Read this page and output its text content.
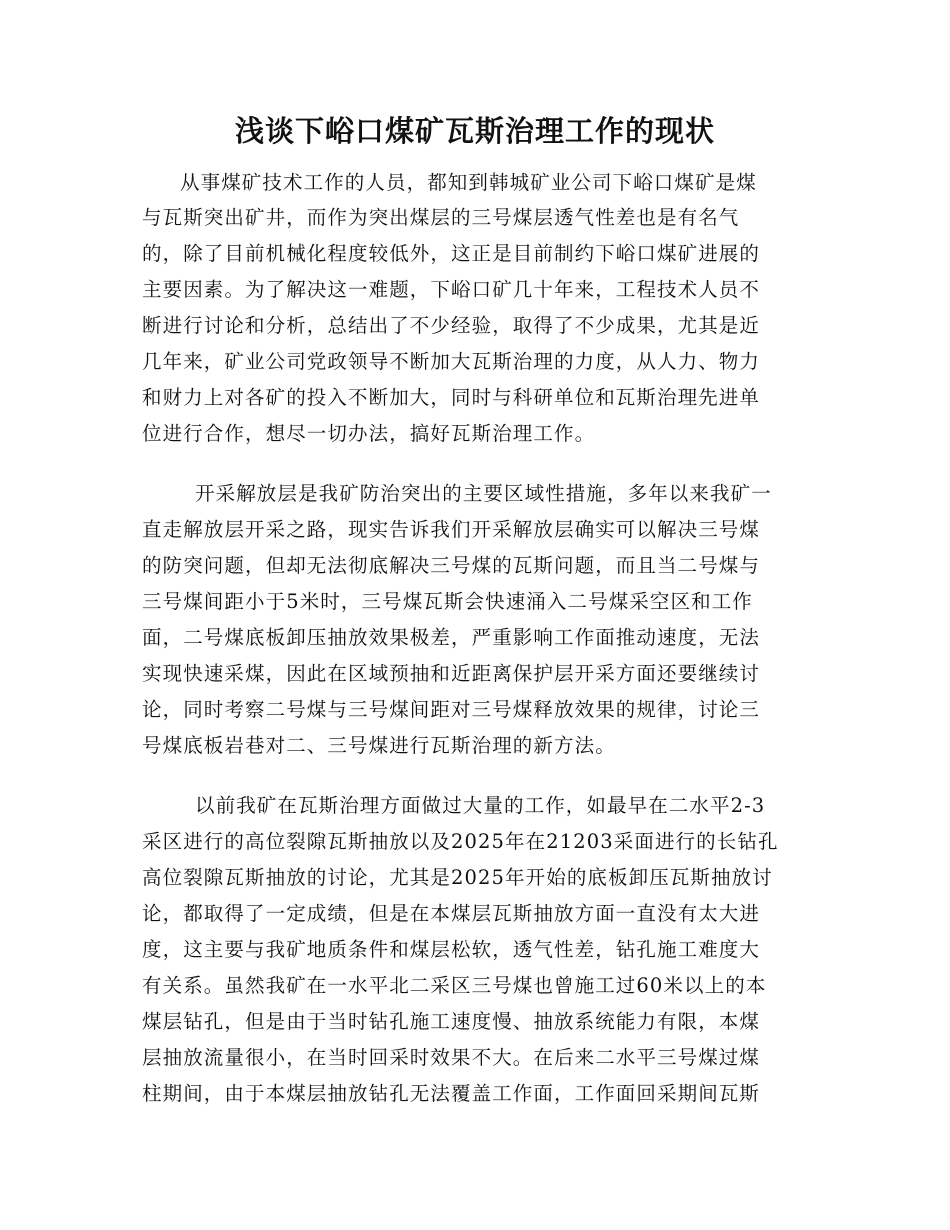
浅谈下峪口煤矿瓦斯治理工作的现状
从事煤矿技术工作的人员，都知到韩城矿业公司下峪口煤矿是煤
与瓦斯突出矿井，而作为突出煤层的三号煤层透气性差也是有名气
的，除了目前机械化程度较低外，这正是目前制约下峪口煤矿进展的
主要因素。为了解决这一难题，下峪口矿几十年来，工程技术人员不
断进行讨论和分析，总结出了不少经验，取得了不少成果，尤其是近
几年来，矿业公司党政领导不断加大瓦斯治理的力度，从人力、物力
和财力上对各矿的投入不断加大，同时与科研单位和瓦斯治理先进单
位进行合作，想尽一切办法，搞好瓦斯治理工作。
开采解放层是我矿防治突出的主要区域性措施，多年以来我矿一
直走解放层开采之路，现实告诉我们开采解放层确实可以解决三号煤
的防突问题，但却无法彻底解决三号煤的瓦斯问题，而且当二号煤与
三号煤间距小于5米时，三号煤瓦斯会快速涌入二号煤采空区和工作
面，二号煤底板卸压抽放效果极差，严重影响工作面推动速度，无法
实现快速采煤，因此在区域预抽和近距离保护层开采方面还要继续讨
论，同时考察二号煤与三号煤间距对三号煤释放效果的规律，讨论三
号煤底板岩巷对二、三号煤进行瓦斯治理的新方法。
以前我矿在瓦斯治理方面做过大量的工作，如最早在二水平2-3
采区进行的高位裂隙瓦斯抽放以及2025年在21203采面进行的长钻孔
高位裂隙瓦斯抽放的讨论，尤其是2025年开始的底板卸压瓦斯抽放讨
论，都取得了一定成绩，但是在本煤层瓦斯抽放方面一直没有太大进
度，这主要与我矿地质条件和煤层松软，透气性差，钻孔施工难度大
有关系。虽然我矿在一水平北二采区三号煤也曾施工过60米以上的本
煤层钻孔，但是由于当时钻孔施工速度慢、抽放系统能力有限，本煤
层抽放流量很小，在当时回采时效果不大。在后来二水平三号煤过煤
柱期间，由于本煤层抽放钻孔无法覆盖工作面，工作面回采期间瓦斯
